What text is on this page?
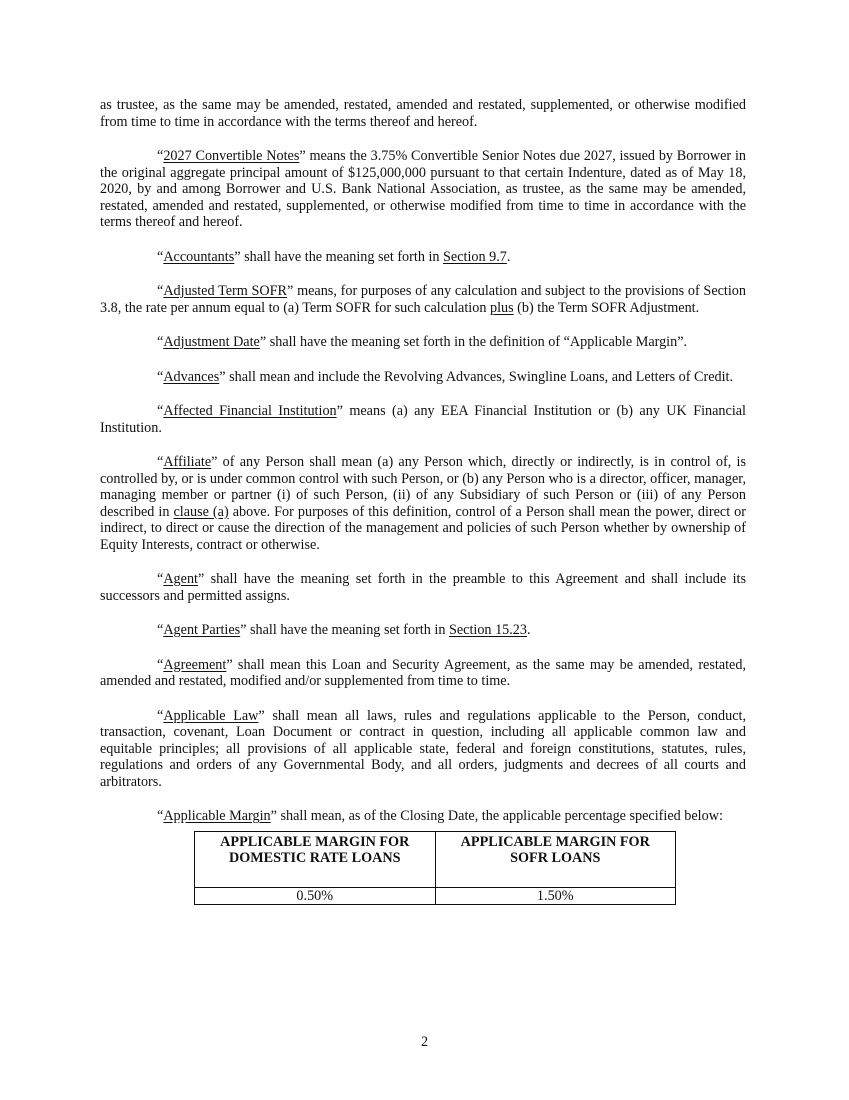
as trustee, as the same may be amended, restated, amended and restated, supplemented, or otherwise modified from time to time in accordance with the terms thereof and hereof.

“2027 Convertible Notes” means the 3.75% Convertible Senior Notes due 2027, issued by Borrower in the original aggregate principal amount of $125,000,000 pursuant to that certain Indenture, dated as of May 18, 2020, by and among Borrower and U.S. Bank National Association, as trustee, as the same may be amended, restated, amended and restated, supplemented, or otherwise modified from time to time in accordance with the terms thereof and hereof.

“Accountants” shall have the meaning set forth in Section 9.7.

“Adjusted Term SOFR” means, for purposes of any calculation and subject to the provisions of Section 3.8, the rate per annum equal to (a) Term SOFR for such calculation plus (b) the Term SOFR Adjustment.

“Adjustment Date” shall have the meaning set forth in the definition of “Applicable Margin”.

“Advances” shall mean and include the Revolving Advances, Swingline Loans, and Letters of Credit.

“Affected Financial Institution” means (a) any EEA Financial Institution or (b) any UK Financial Institution.

“Affiliate” of any Person shall mean (a) any Person which, directly or indirectly, is in control of, is controlled by, or is under common control with such Person, or (b) any Person who is a director, officer, manager, managing member or partner (i) of such Person, (ii) of any Subsidiary of such Person or (iii) of any Person described in clause (a) above. For purposes of this definition, control of a Person shall mean the power, direct or indirect, to direct or cause the direction of the management and policies of such Person whether by ownership of Equity Interests, contract or otherwise.

“Agent” shall have the meaning set forth in the preamble to this Agreement and shall include its successors and permitted assigns.

“Agent Parties” shall have the meaning set forth in Section 15.23.

“Agreement” shall mean this Loan and Security Agreement, as the same may be amended, restated, amended and restated, modified and/or supplemented from time to time.

“Applicable Law” shall mean all laws, rules and regulations applicable to the Person, conduct, transaction, covenant, Loan Document or contract in question, including all applicable common law and equitable principles; all provisions of all applicable state, federal and foreign constitutions, statutes, rules, regulations and orders of any Governmental Body, and all orders, judgments and decrees of all courts and arbitrators.

“Applicable Margin” shall mean, as of the Closing Date, the applicable percentage specified below:

APPLICABLE MARGIN FOR DOMESTIC RATE LOANS	APPLICABLE MARGIN FOR SOFR LOANS
0.50%	1.50%
2
